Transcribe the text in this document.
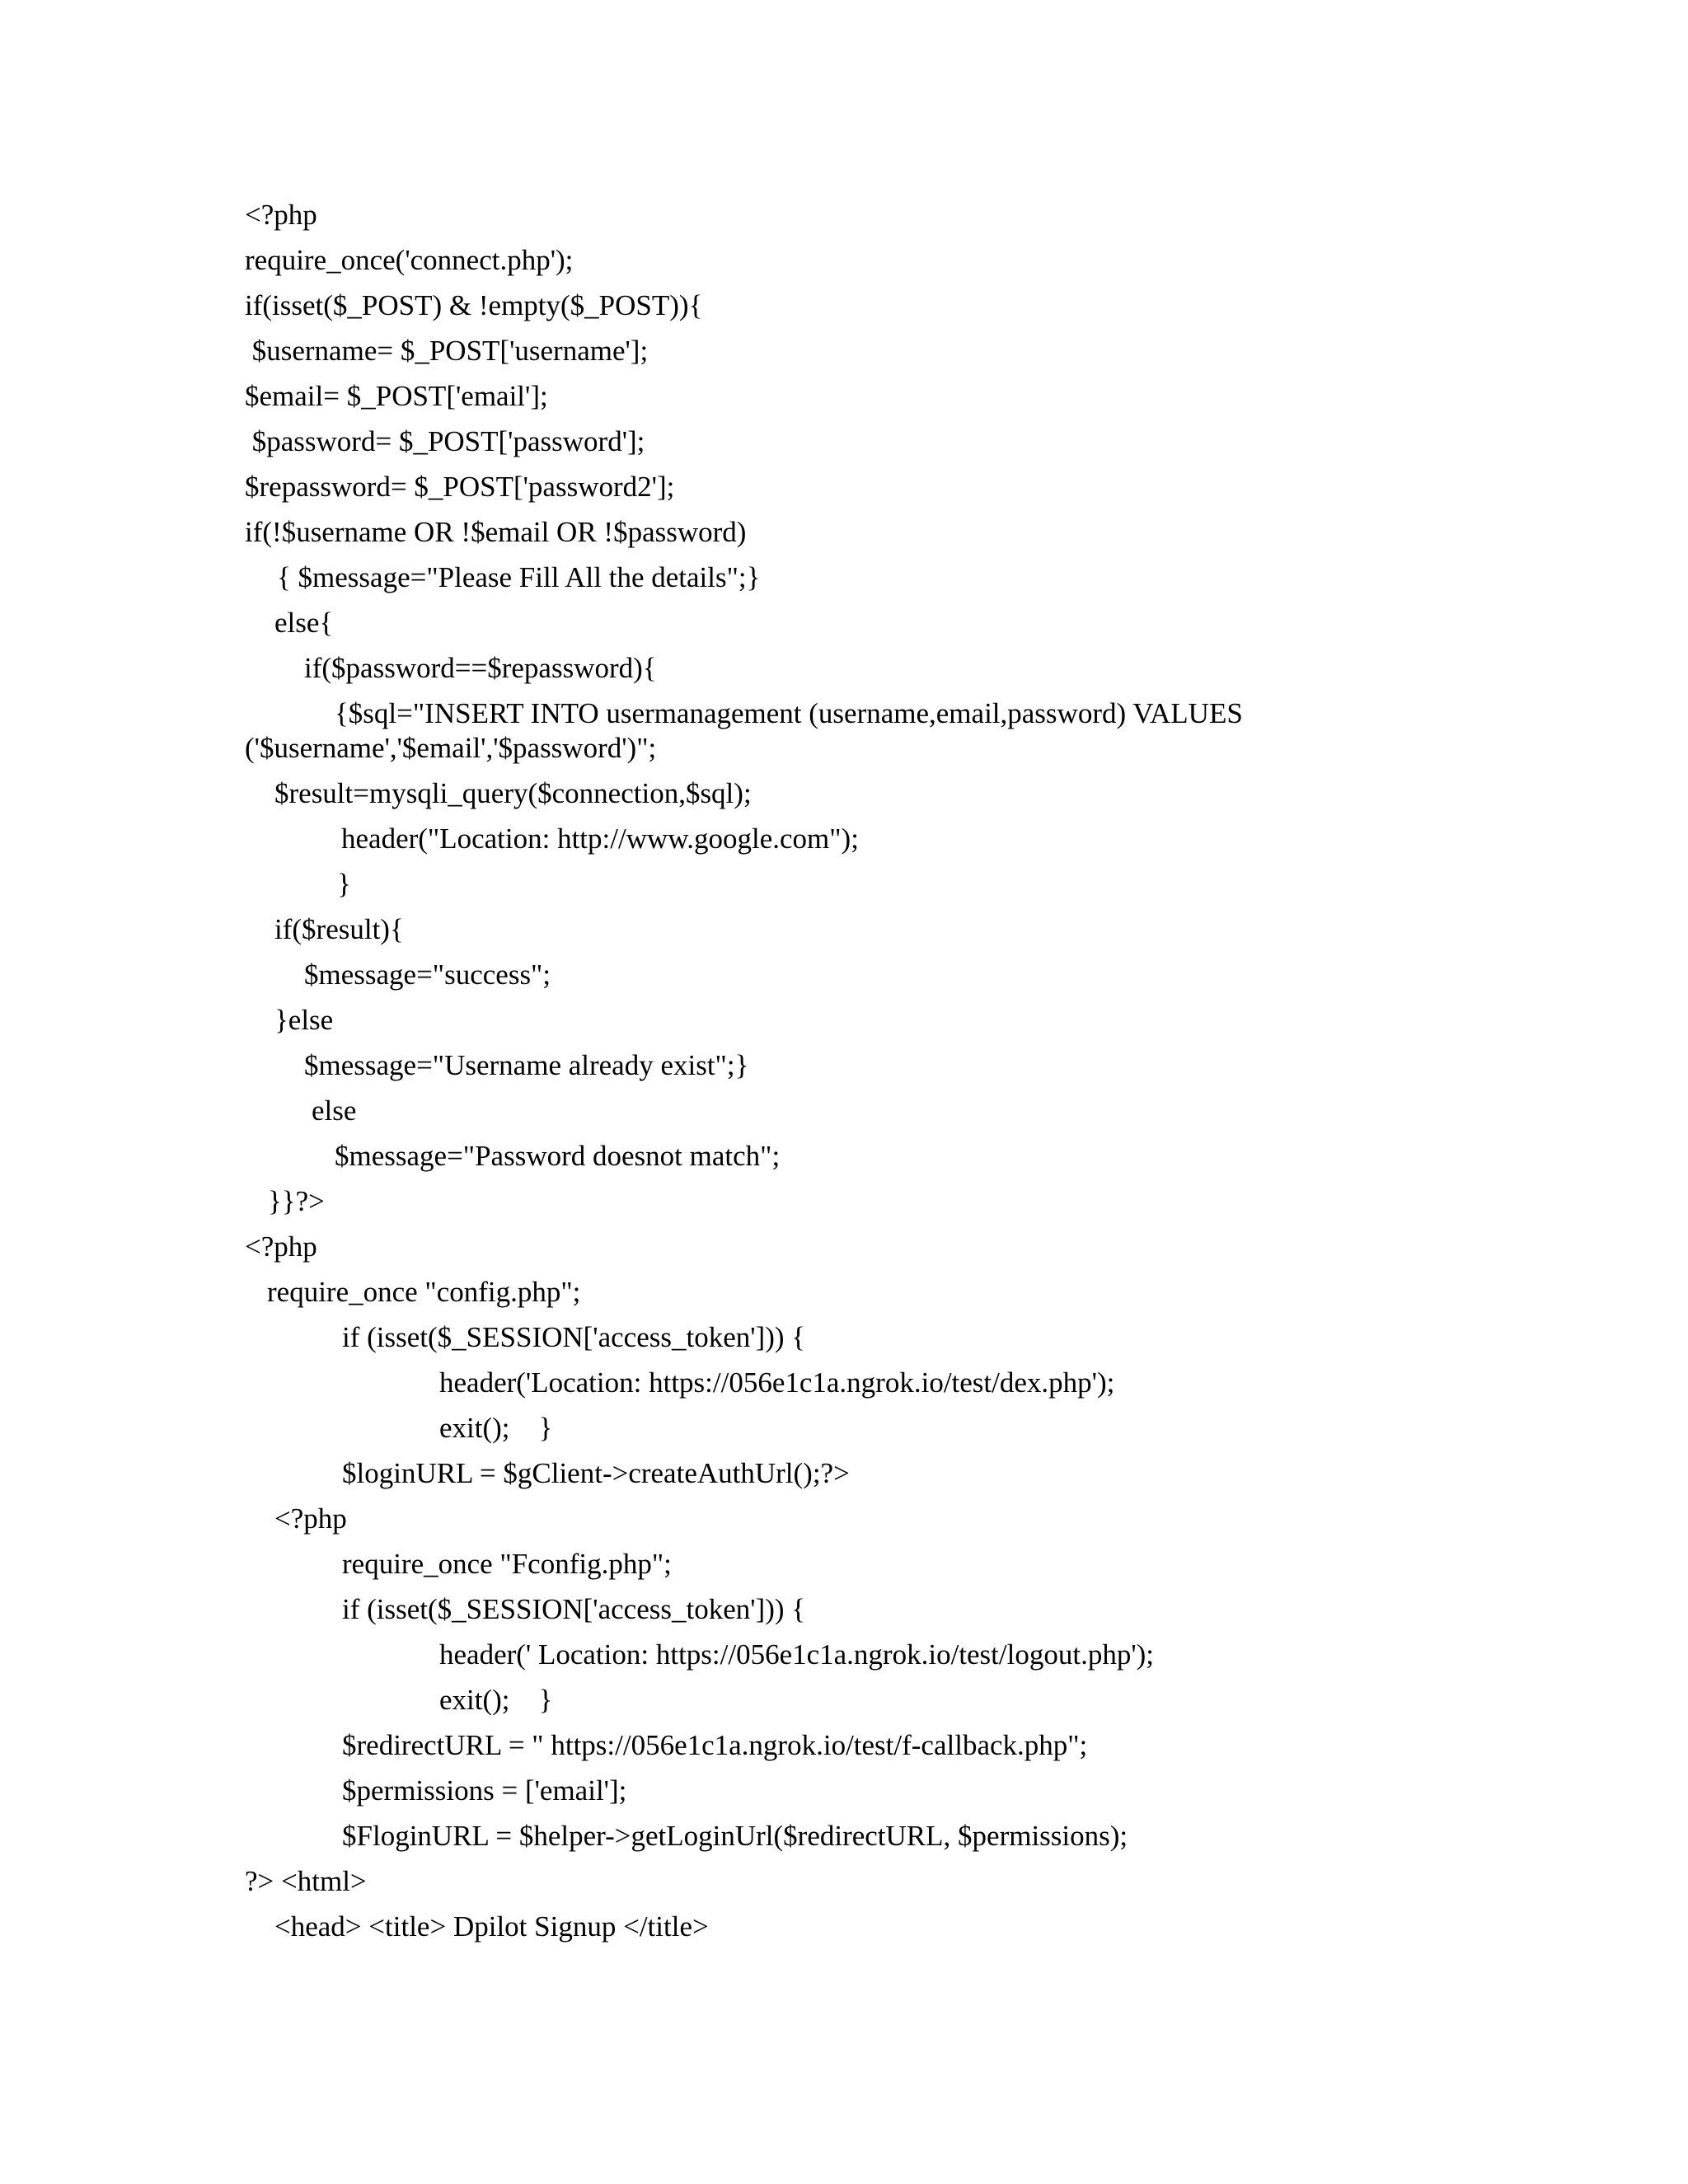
<?php
require_once('connect.php');
if(isset($_POST) & !empty($_POST)){
$username= $_POST['username'];
$email= $_POST['email'];
$password= $_POST['password'];
$repassword= $_POST['password2'];
if(!$username OR !$email OR !$password)
{ $message="Please Fill All the details";}
else{
if($password==$repassword){
{$sql="INSERT INTO usermanagement (username,email,password) VALUES
('$username','$email','$password')";
$result=mysqli_query($connection,$sql);
header("Location: http://www.google.com");
}
if($result){
$message="success";
}else
$message="Username already exist";}
else
$message="Password doesnot match";
}}?>
<?php
require_once "config.php";
if (isset($_SESSION['access_token'])) {
header('Location: https://056e1c1a.ngrok.io/test/dex.php');
exit();    }
$loginURL = $gClient->createAuthUrl();?>
<?php
require_once "Fconfig.php";
if (isset($_SESSION['access_token'])) {
header(' Location: https://056e1c1a.ngrok.io/test/logout.php');
exit();    }
$redirectURL = " https://056e1c1a.ngrok.io/test/f-callback.php";
$permissions = ['email'];
$FloginURL = $helper->getLoginUrl($redirectURL, $permissions);
?> <html>
<head> <title> Dpilot Signup </title>
